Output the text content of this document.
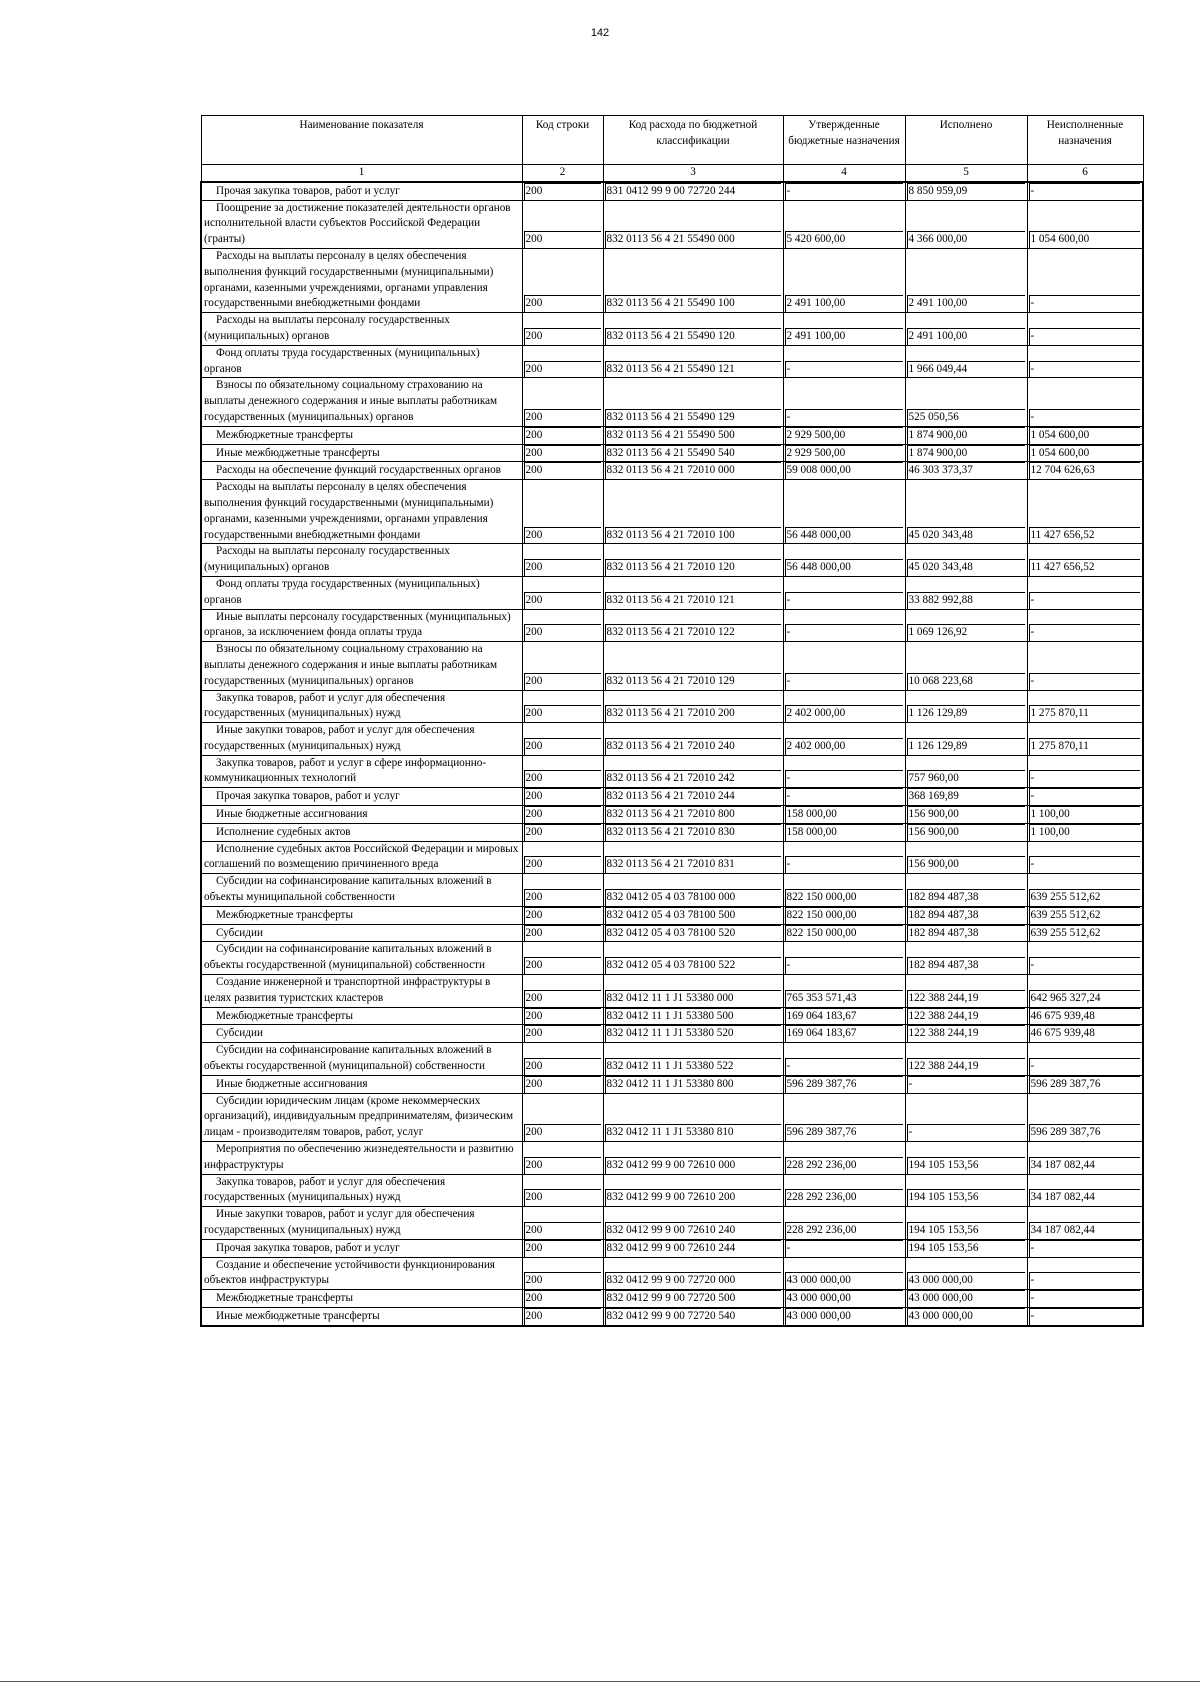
142
Наименование показателя	Код строки	Код расхода по бюджетной классификации	Утвержденные бюджетные назначения	Исполнено	Неисполненные назначения
1	2	3	4	5	6

Прочая закупка товаров, работ и услуг	200	831 0412 99 9 00 72720 244	-	8 850 959,09	-

Поощрение за достижение показателей деятельности органов исполнительной власти субъектов Российской Федерации (гранты)	200	832 0113 56 4 21 55490 000	5 420 600,00	4 366 000,00	1 054 600,00

Расходы на выплаты персоналу в целях обеспечения выполнения функций государственными (муниципальными) органами, казенными учреждениями, органами управления государственными внебюджетными фондами	200	832 0113 56 4 21 55490 100	2 491 100,00	2 491 100,00	-

Расходы на выплаты персоналу государственных (муниципальных) органов	200	832 0113 56 4 21 55490 120	2 491 100,00	2 491 100,00	-

Фонд оплаты труда государственных (муниципальных) органов	200	832 0113 56 4 21 55490 121	-	1 966 049,44	-

Взносы по обязательному социальному страхованию на выплаты денежного содержания и иные выплаты работникам государственных (муниципальных) органов	200	832 0113 56 4 21 55490 129	-	525 050,56	-

Межбюджетные трансферты	200	832 0113 56 4 21 55490 500	2 929 500,00	1 874 900,00	1 054 600,00

Иные межбюджетные трансферты	200	832 0113 56 4 21 55490 540	2 929 500,00	1 874 900,00	1 054 600,00

Расходы на обеспечение функций государственных органов	200	832 0113 56 4 21 72010 000	59 008 000,00	46 303 373,37	12 704 626,63

Расходы на выплаты персоналу в целях обеспечения выполнения функций государственными (муниципальными) органами, казенными учреждениями, органами управления государственными внебюджетными фондами	200	832 0113 56 4 21 72010 100	56 448 000,00	45 020 343,48	11 427 656,52

Расходы на выплаты персоналу государственных (муниципальных) органов	200	832 0113 56 4 21 72010 120	56 448 000,00	45 020 343,48	11 427 656,52

Фонд оплаты труда государственных (муниципальных) органов	200	832 0113 56 4 21 72010 121	-	33 882 992,88	-

Иные выплаты персоналу государственных (муниципальных) органов, за исключением фонда оплаты труда	200	832 0113 56 4 21 72010 122	-	1 069 126,92	-

Взносы по обязательному социальному страхованию на выплаты денежного содержания и иные выплаты работникам государственных (муниципальных) органов	200	832 0113 56 4 21 72010 129	-	10 068 223,68	-

Закупка товаров, работ и услуг для обеспечения государственных (муниципальных) нужд	200	832 0113 56 4 21 72010 200	2 402 000,00	1 126 129,89	1 275 870,11

Иные закупки товаров, работ и услуг для обеспечения государственных (муниципальных) нужд	200	832 0113 56 4 21 72010 240	2 402 000,00	1 126 129,89	1 275 870,11

Закупка товаров, работ и услуг в сфере информационно-коммуникационных технологий	200	832 0113 56 4 21 72010 242	-	757 960,00	-

Прочая закупка товаров, работ и услуг	200	832 0113 56 4 21 72010 244	-	368 169,89	-

Иные бюджетные ассигнования	200	832 0113 56 4 21 72010 800	158 000,00	156 900,00	1 100,00

Исполнение судебных актов	200	832 0113 56 4 21 72010 830	158 000,00	156 900,00	1 100,00

Исполнение судебных актов Российской Федерации и мировых соглашений по возмещению причиненного вреда	200	832 0113 56 4 21 72010 831	-	156 900,00	-

Субсидии на софинансирование капитальных вложений в объекты муниципальной собственности	200	832 0412 05 4 03 78100 000	822 150 000,00	182 894 487,38	639 255 512,62

Межбюджетные трансферты	200	832 0412 05 4 03 78100 500	822 150 000,00	182 894 487,38	639 255 512,62

Субсидии	200	832 0412 05 4 03 78100 520	822 150 000,00	182 894 487,38	639 255 512,62

Субсидии на софинансирование капитальных вложений в объекты государственной (муниципальной) собственности	200	832 0412 05 4 03 78100 522	-	182 894 487,38	-

Создание инженерной и транспортной инфраструктуры в целях развития туристских кластеров	200	832 0412 11 1 J1 53380 000	765 353 571,43	122 388 244,19	642 965 327,24

Межбюджетные трансферты	200	832 0412 11 1 J1 53380 500	169 064 183,67	122 388 244,19	46 675 939,48

Субсидии	200	832 0412 11 1 J1 53380 520	169 064 183,67	122 388 244,19	46 675 939,48

Субсидии на софинансирование капитальных вложений в объекты государственной (муниципальной) собственности	200	832 0412 11 1 J1 53380 522	-	122 388 244,19	-

Иные бюджетные ассигнования	200	832 0412 11 1 J1 53380 800	596 289 387,76	-	596 289 387,76

Субсидии юридическим лицам (кроме некоммерческих организаций), индивидуальным предпринимателям, физическим лицам - производителям товаров, работ, услуг	200	832 0412 11 1 J1 53380 810	596 289 387,76	-	596 289 387,76

Мероприятия по обеспечению жизнедеятельности и развитию инфраструктуры	200	832 0412 99 9 00 72610 000	228 292 236,00	194 105 153,56	34 187 082,44

Закупка товаров, работ и услуг для обеспечения государственных (муниципальных) нужд	200	832 0412 99 9 00 72610 200	228 292 236,00	194 105 153,56	34 187 082,44

Иные закупки товаров, работ и услуг для обеспечения государственных (муниципальных) нужд	200	832 0412 99 9 00 72610 240	228 292 236,00	194 105 153,56	34 187 082,44

Прочая закупка товаров, работ и услуг	200	832 0412 99 9 00 72610 244	-	194 105 153,56	-

Создание и обеспечение устойчивости функционирования объектов инфраструктуры	200	832 0412 99 9 00 72720 000	43 000 000,00	43 000 000,00	-

Межбюджетные трансферты	200	832 0412 99 9 00 72720 500	43 000 000,00	43 000 000,00	-

Иные межбюджетные трансферты	200	832 0412 99 9 00 72720 540	43 000 000,00	43 000 000,00	-
